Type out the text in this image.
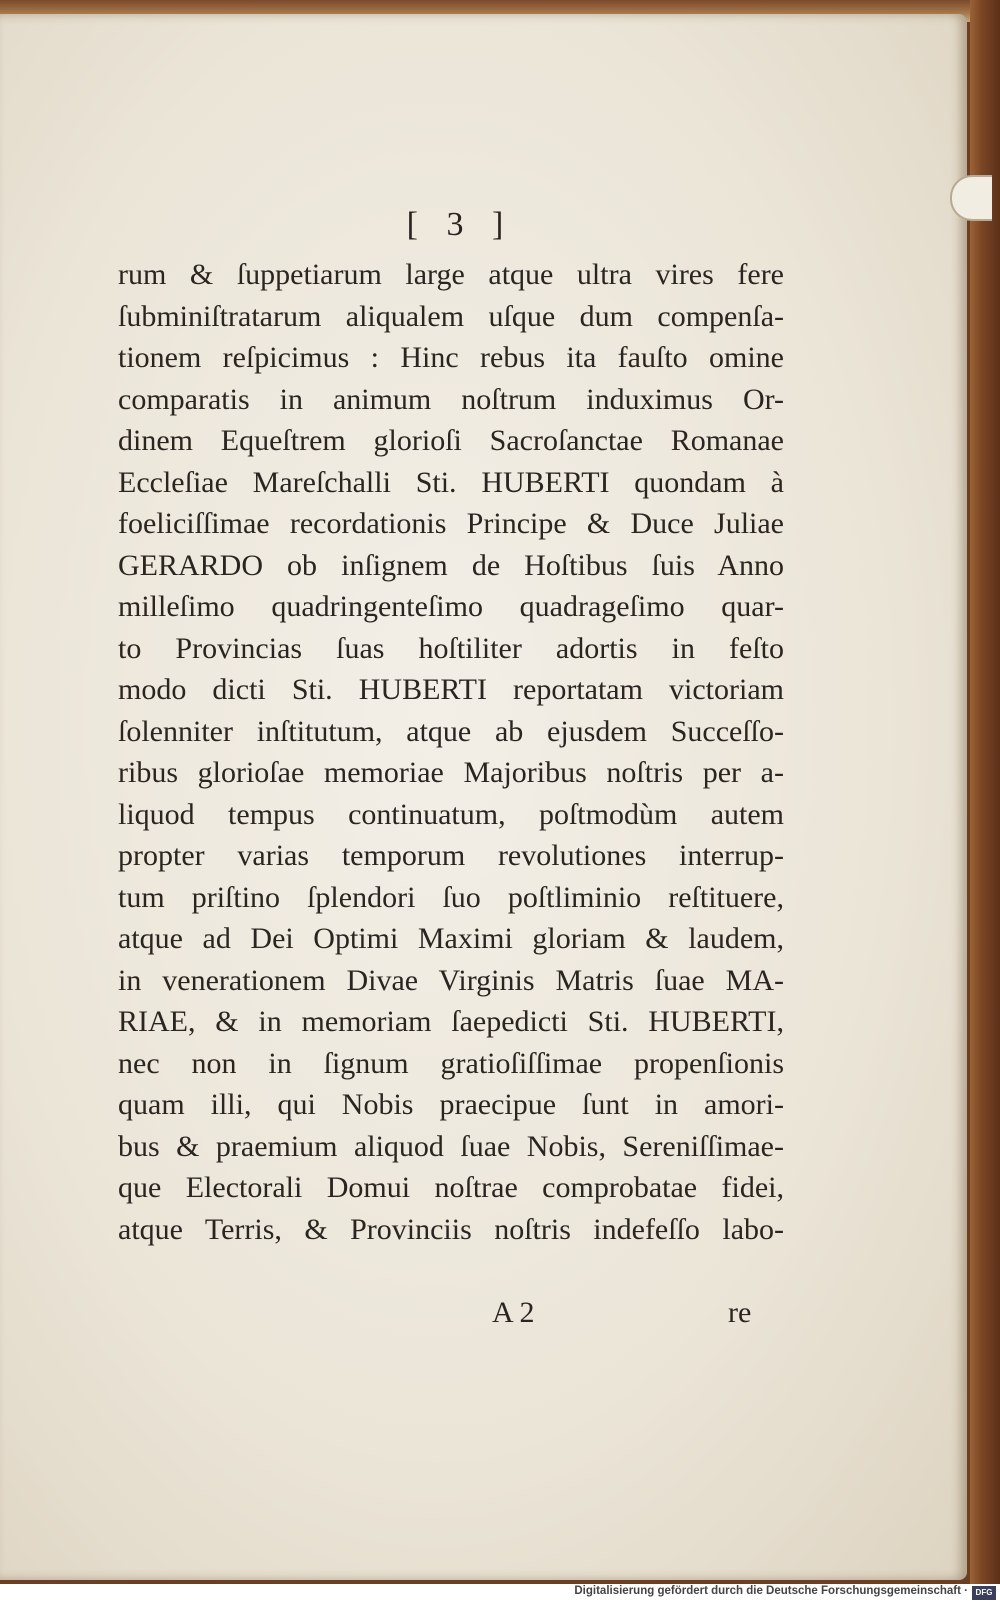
[ 3 ]
rum & ſuppetiarum large atque ultra vires fere
ſubminiſtratarum aliqualem uſque dum compenſa-
tionem reſpicimus : Hinc rebus ita fauſto omine
comparatis in animum noſtrum induximus Or-
dinem Equeſtrem glorioſi Sacroſanctae Romanae
Eccleſiae Mareſchalli Sti. HUBERTI quondam à
foeliciſſimae recordationis Principe & Duce Juliae
GERARDO ob inſignem de Hoſtibus ſuis Anno
milleſimo quadringenteſimo quadrageſimo quar-
to Provincias ſuas hoſtiliter adortis in feſto
modo dicti Sti. HUBERTI reportatam victoriam
ſolenniter inſtitutum, atque ab ejusdem Succeſſo-
ribus glorioſae memoriae Majoribus noſtris per a-
liquod tempus continuatum, poſtmodùm autem
propter varias temporum revolutiones interrup-
tum priſtino ſplendori ſuo poſtliminio reſtituere,
atque ad Dei Optimi Maximi gloriam & laudem,
in venerationem Divae Virginis Matris ſuae MA-
RIAE, & in memoriam ſaepedicti Sti. HUBERTI,
nec non in ſignum gratioſiſſimae propenſionis
quam illi, qui Nobis praecipue ſunt in amori-
bus & praemium aliquod ſuae Nobis, Sereniſſimae-
que Electorali Domui noſtrae comprobatae fidei,
atque Terris, & Provinciis noſtris indefeſſo labo-
A 2	re
Digitalisierung gefördert durch die Deutsche Forschungsgemeinschaft · DFG
